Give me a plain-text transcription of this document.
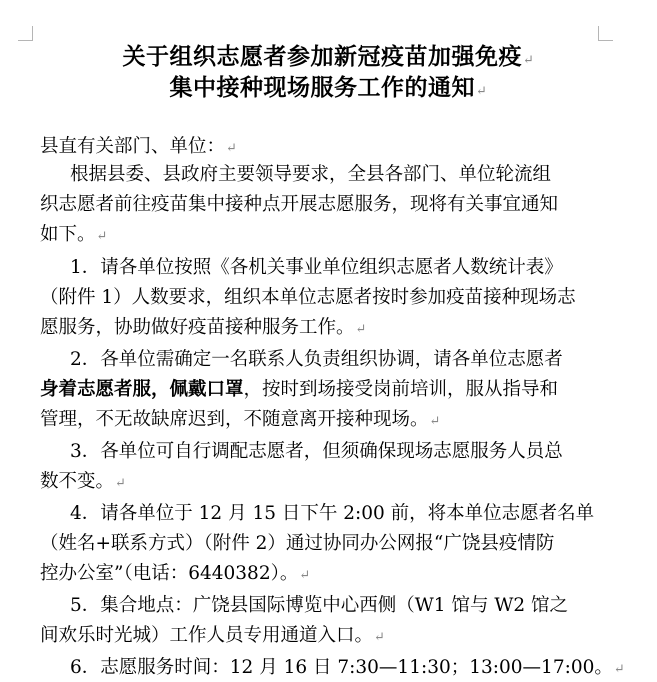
关于组织志愿者参加新冠疫苗加强免疫↵
集中接种现场服务工作的通知↵
县直有关部门、单位：↵
根据县委、县政府主要领导要求，全县各部门、单位轮流组
织志愿者前往疫苗集中接种点开展志愿服务，现将有关事宜通知
如下。↵
1．请各单位按照《各机关事业单位组织志愿者人数统计表》
（附件 1）人数要求，组织本单位志愿者按时参加疫苗接种现场志
愿服务，协助做好疫苗接种服务工作。↵
2．各单位需确定一名联系人负责组织协调，请各单位志愿者
身着志愿者服，佩戴口罩，按时到场接受岗前培训，服从指导和
管理，不无故缺席迟到，不随意离开接种现场。↵
3．各单位可自行调配志愿者，但须确保现场志愿服务人员总
数不变。↵
4．请各单位于 12 月 15 日下午 2:00 前，将本单位志愿者名单
（姓名+联系方式）（附件 2）通过协同办公网报“广饶县疫情防
控办公室”（电话：6440382）。↵
5．集合地点：广饶县国际博览中心西侧（W1 馆与 W2 馆之
间欢乐时光城）工作人员专用通道入口。↵
6．志愿服务时间：12 月 16 日 7:30—11:30；13:00—17:00。↵
